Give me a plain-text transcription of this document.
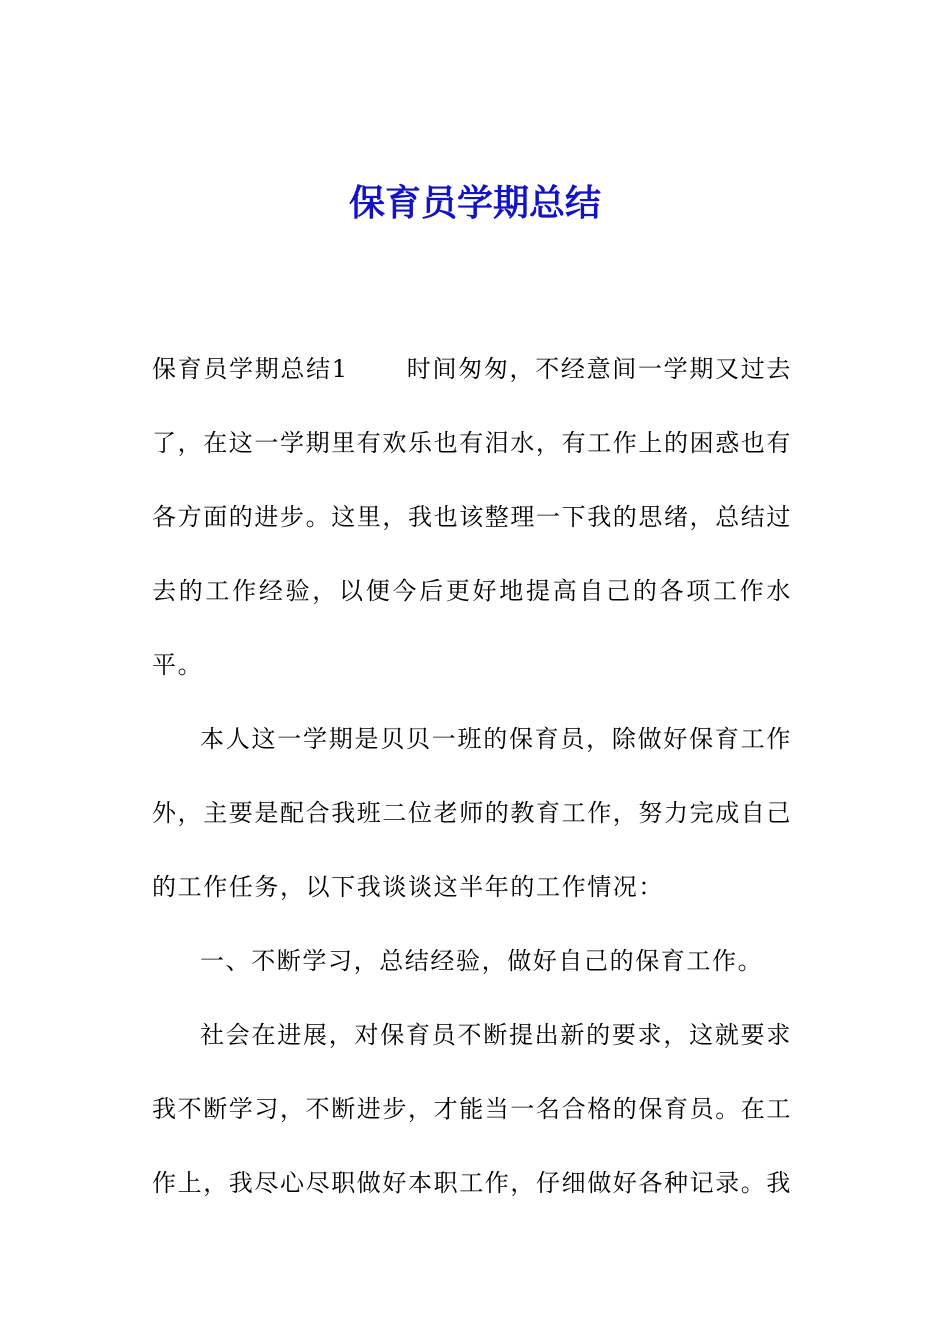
保育员学期总结

保育员学期总结1 时间匆匆，不经意间一学期又过去了，在这一学期里有欢乐也有泪水，有工作上的困惑也有各方面的进步。这里，我也该整理一下我的思绪，总结过去的工作经验，以便今后更好地提高自己的各项工作水平。

本人这一学期是贝贝一班的保育员，除做好保育工作外，主要是配合我班二位老师的教育工作，努力完成自己的工作任务，以下我谈谈这半年的工作情况：

一、不断学习，总结经验，做好自己的保育工作。

社会在进展，对保育员不断提出新的要求，这就要求我不断学习，不断进步，才能当一名合格的保育员。在工作上，我尽心尽职做好本职工作，仔细做好各种记录。我
